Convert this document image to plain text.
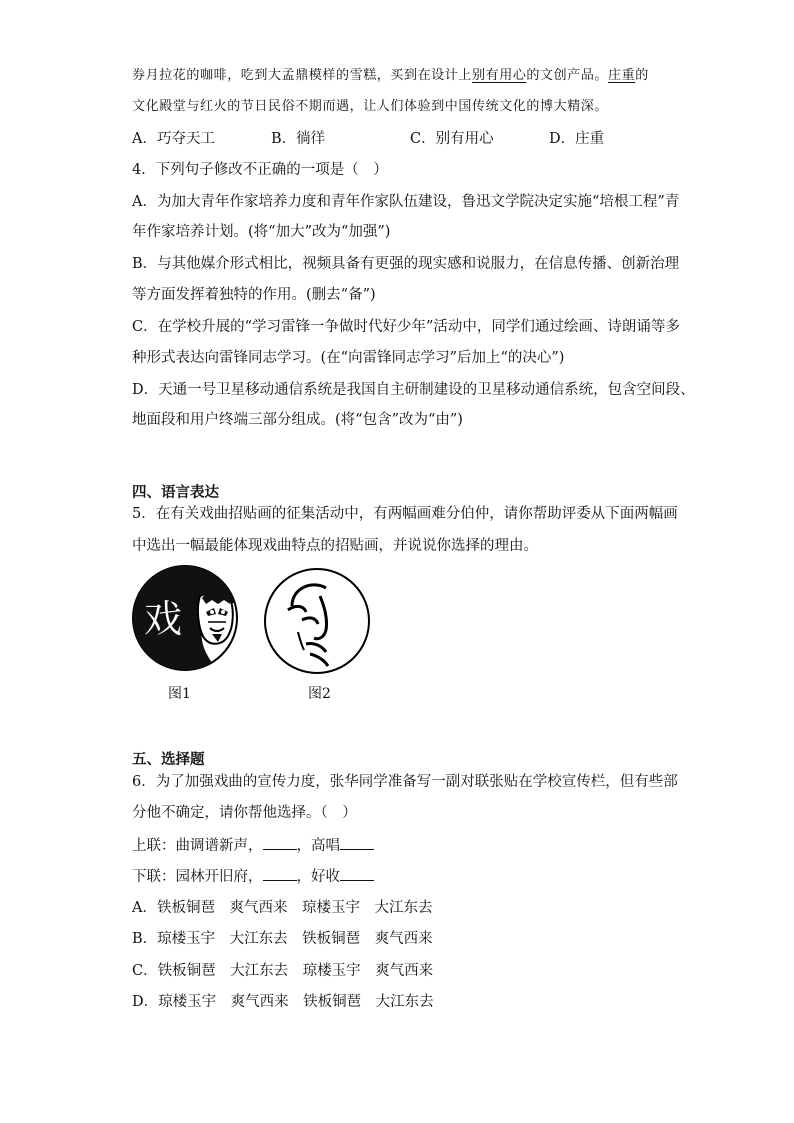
券月拉花的咖啡，吃到大孟鼎模样的雪糕，买到在设计上别有用心的文创产品。庄重的
文化殿堂与红火的节日民俗不期而遇，让人们体验到中国传统文化的博大精深。
A．巧夺天工	B．徜徉	C．别有用心	D．庄重
4．下列句子修改不正确的一项是（　）
A．为加大青年作家培养力度和青年作家队伍建设，鲁迅文学院决定实施“培根工程”青
年作家培养计划。(将“加大”改为“加强”)
B．与其他媒介形式相比，视频具备有更强的现实感和说服力，在信息传播、创新治理
等方面发挥着独特的作用。(删去“备”)
C．在学校升展的“学习雷锋一争做时代好少年”活动中，同学们通过绘画、诗朗诵等多
种形式表达向雷锋同志学习。(在“向雷锋同志学习”后加上“的决心”)
D．天通一号卫星移动通信系统是我国自主研制建设的卫星移动通信系统，包含空间段、
地面段和用户终端三部分组成。(将“包含”改为“由”)
四、语言表达
5．在有关戏曲招贴画的征集活动中，有两幅画难分伯仲，请你帮助评委从下面两幅画
中选出一幅最能体现戏曲特点的招贴画，并说说你选择的理由。
戏
图1	图2
五、选择题
6．为了加强戏曲的宣传力度，张华同学准备写一副对联张贴在学校宣传栏，但有些部
分他不确定，请你帮他选择。（　）
上联：曲调谱新声， ，高唱
下联：园林开旧府， ，好收
A．铁板铜琶　爽气西来　琼楼玉宇　大江东去
B．琼楼玉宇　大江东去　铁板铜琶　爽气西来
C．铁板铜琶　大江东去　琼楼玉宇　爽气西来
D．琼楼玉宇　爽气西来　铁板铜琶　大江东去
